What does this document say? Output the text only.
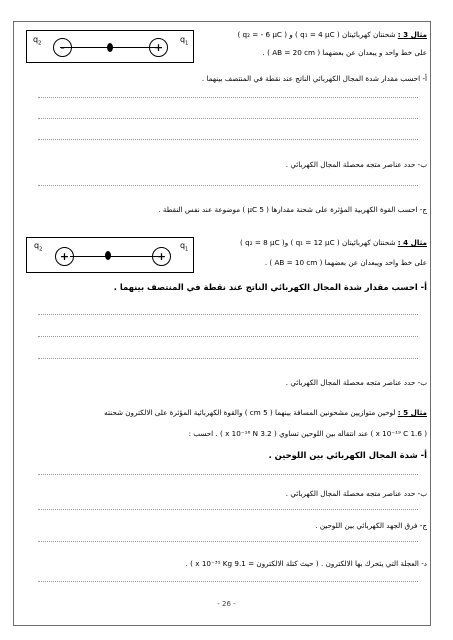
-	+
$q_2$	$q_1$
مثال 3 : شحنتان كهربائيتان ( q₁ = 4 μC ) و ( q₂ = - 6 μC )
على خط واحد و يبعدان عن بعضهما ( AB = 20 cm ) .
أ- احسب مقدار شدة المجال الكهربائي الناتج عند نقطة في المنتصف بينهما .
ب- حدد عناصر متجه محصلة المجال الكهربائي .
ج- احسب القوة الكهربية المؤثرة على شحنة مقدارها ( 5 μC ) موضوعة عند نفس النقطة .
+	+
$q_2$	$q_1$
مثال 4 : شحنتان كهربائيتان ( q₁ = 12 μC ) و( q₂ = 8 μC )
على خط واحد ويبعدان عن بعضهما ( AB = 10 cm ) .
أ- احسب مقدار شدة المجال الكهربائي الناتج عند نقطة في المنتصف بينهما .
ب- حدد عناصر متجه محصلة المجال الكهربائي .
مثال 5 : لوحين متوازيين مشحونين المسافة بينهما ( 5 cm ) والقوة الكهربائية المؤثرة على الالكترون شحنته
( 1.6 x 10⁻¹⁹ C ) عند انتقاله بين اللوحين تساوي ( 3.2 x 10⁻¹⁶ N ) . احسب :
أ- شدة المجال الكهربائي بين اللوحين .
ب- حدد عناصر متجه محصلة المجال الكهربائي .
ج- فرق الجهد الكهربائي بين اللوحين .
د- العجلة التي يتحرك بها الالكترون . ( حيث كتلة الالكترون = 9.1 x 10⁻³¹ Kg ) .
- 26 -
